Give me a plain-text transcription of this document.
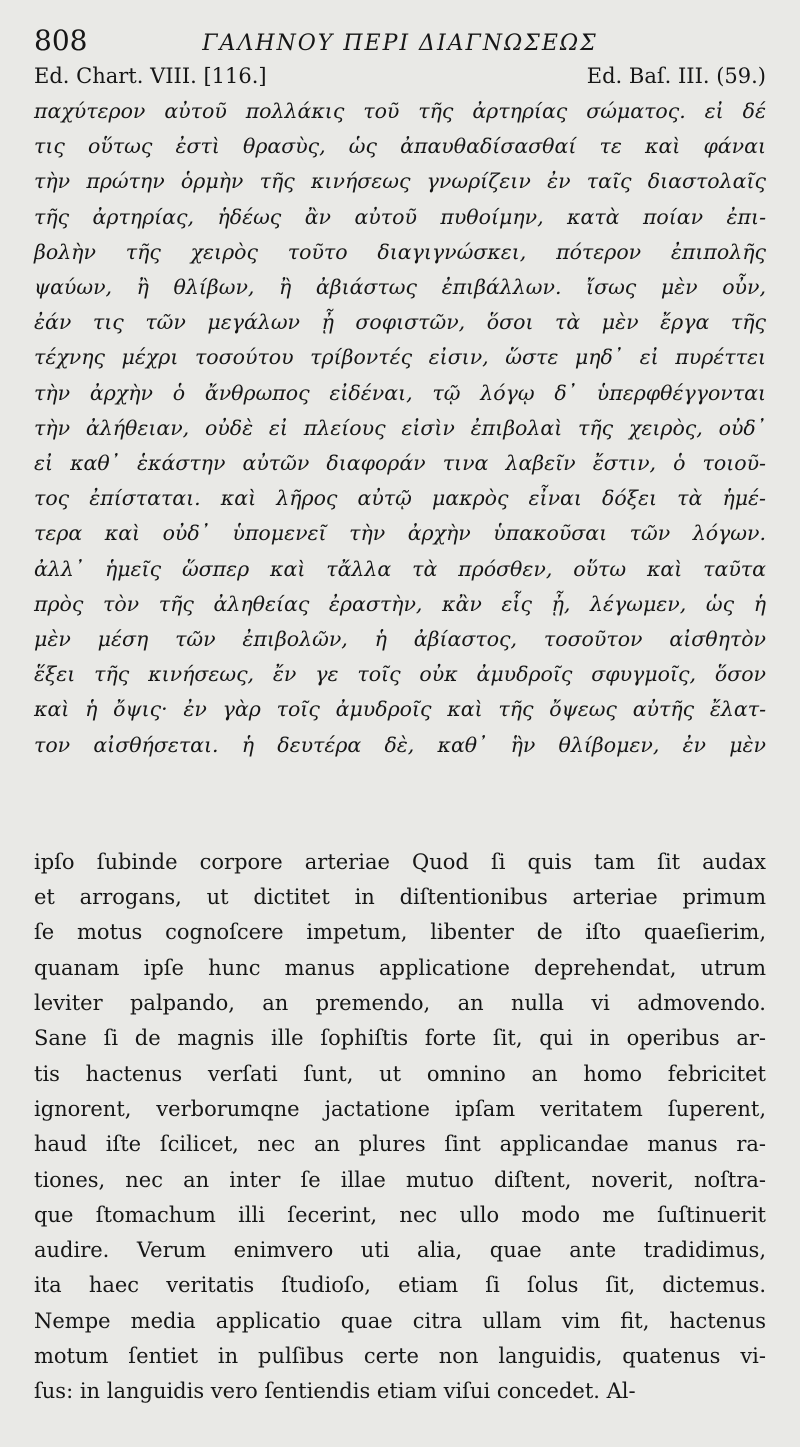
808	ΓΑΛΗΝΟΥ ΠΕΡΙ ΔΙΑΓΝΩΣΕΩΣ
Ed. Chart. VIII. [116.]	Ed. Baſ. III. (59.)
παχύτερον αὐτοῦ πολλάκις τοῦ τῆς ἀρτηρίας σώματος. εἰ δέ
τις οὕτως ἐστὶ θρασὺς, ὡς ἀπαυθαδίσασθαί τε καὶ φάναι
τὴν πρώτην ὁρμὴν τῆς κινήσεως γνωρίζειν ἐν ταῖς διαστολαῖς
τῆς ἀρτηρίας, ἡδέως ἂν αὐτοῦ πυθοίμην, κατὰ ποίαν ἐπι-
βολὴν τῆς χειρὸς τοῦτο διαγιγνώσκει, πότερον ἐπιπολῆς
ψαύων, ἢ θλίβων, ἢ ἀβιάστως ἐπιβάλλων. ἴσως μὲν οὖν,
ἐάν τις τῶν μεγάλων ᾖ σοφιστῶν, ὅσοι τὰ μὲν ἔργα τῆς
τέχνης μέχρι τοσούτου τρίβοντές εἰσιν, ὥστε μηδ᾽ εἰ πυρέττει
τὴν ἀρχὴν ὁ ἄνθρωπος εἰδέναι, τῷ λόγῳ δ᾽ ὑπερφθέγγονται
τὴν ἀλήθειαν, οὐδὲ εἰ πλείους εἰσὶν ἐπιβολαὶ τῆς χειρὸς, οὐδ᾽
εἰ καθ᾽ ἑκάστην αὐτῶν διαφοράν τινα λαβεῖν ἔστιν, ὁ τοιοῦ-
τος ἐπίσταται. καὶ λῆρος αὐτῷ μακρὸς εἶναι δόξει τὰ ἡμέ-
τερα καὶ οὐδ᾽ ὑπομενεῖ τὴν ἀρχὴν ὑπακοῦσαι τῶν λόγων.
ἀλλ᾽ ἡμεῖς ὥσπερ καὶ τἄλλα τὰ πρόσθεν, οὕτω καὶ ταῦτα
πρὸς τὸν τῆς ἀληθείας ἐραστὴν, κἂν εἷς ᾖ, λέγωμεν, ὡς ἡ
μὲν μέση τῶν ἐπιβολῶν, ἡ ἀβίαστος, τοσοῦτον αἰσθητὸν
ἕξει τῆς κινήσεως, ἔν γε τοῖς οὐκ ἀμυδροῖς σφυγμοῖς, ὅσον
καὶ ἡ ὄψις· ἐν γὰρ τοῖς ἀμυδροῖς καὶ τῆς ὄψεως αὐτῆς ἔλατ-
τον αἰσθήσεται. ἡ δευτέρα δὲ, καθ᾽ ἣν θλίβομεν, ἐν μὲν
ipſo ſubinde corpore arteriae Quod ſi quis tam ſit audax
et arrogans, ut dictitet in diſtentionibus arteriae primum
ſe motus cognoſcere impetum, libenter de iſto quaeſierim,
quanam ipſe hunc manus applicatione deprehendat, utrum
leviter palpando, an premendo, an nulla vi admovendo.
Sane ſi de magnis ille ſophiſtis forte ſit, qui in operibus ar-
tis hactenus verſati ſunt, ut omnino an homo febricitet
ignorent, verborumqne jactatione ipſam veritatem ſuperent,
haud iſte ſcilicet, nec an plures ſint applicandae manus ra-
tiones, nec an inter ſe illae mutuo diſtent, noverit, noſtra-
que ſtomachum illi ſecerint, nec ullo modo me ſuſtinuerit
audire. Verum enimvero uti alia, quae ante tradidimus,
ita haec veritatis ſtudioſo, etiam ſi ſolus ſit, dictemus.
Nempe media applicatio quae citra ullam vim fit, hactenus
motum ſentiet in pulſibus certe non languidis, quatenus vi-
ſus: in languidis vero ſentiendis etiam viſui concedet. Al-
